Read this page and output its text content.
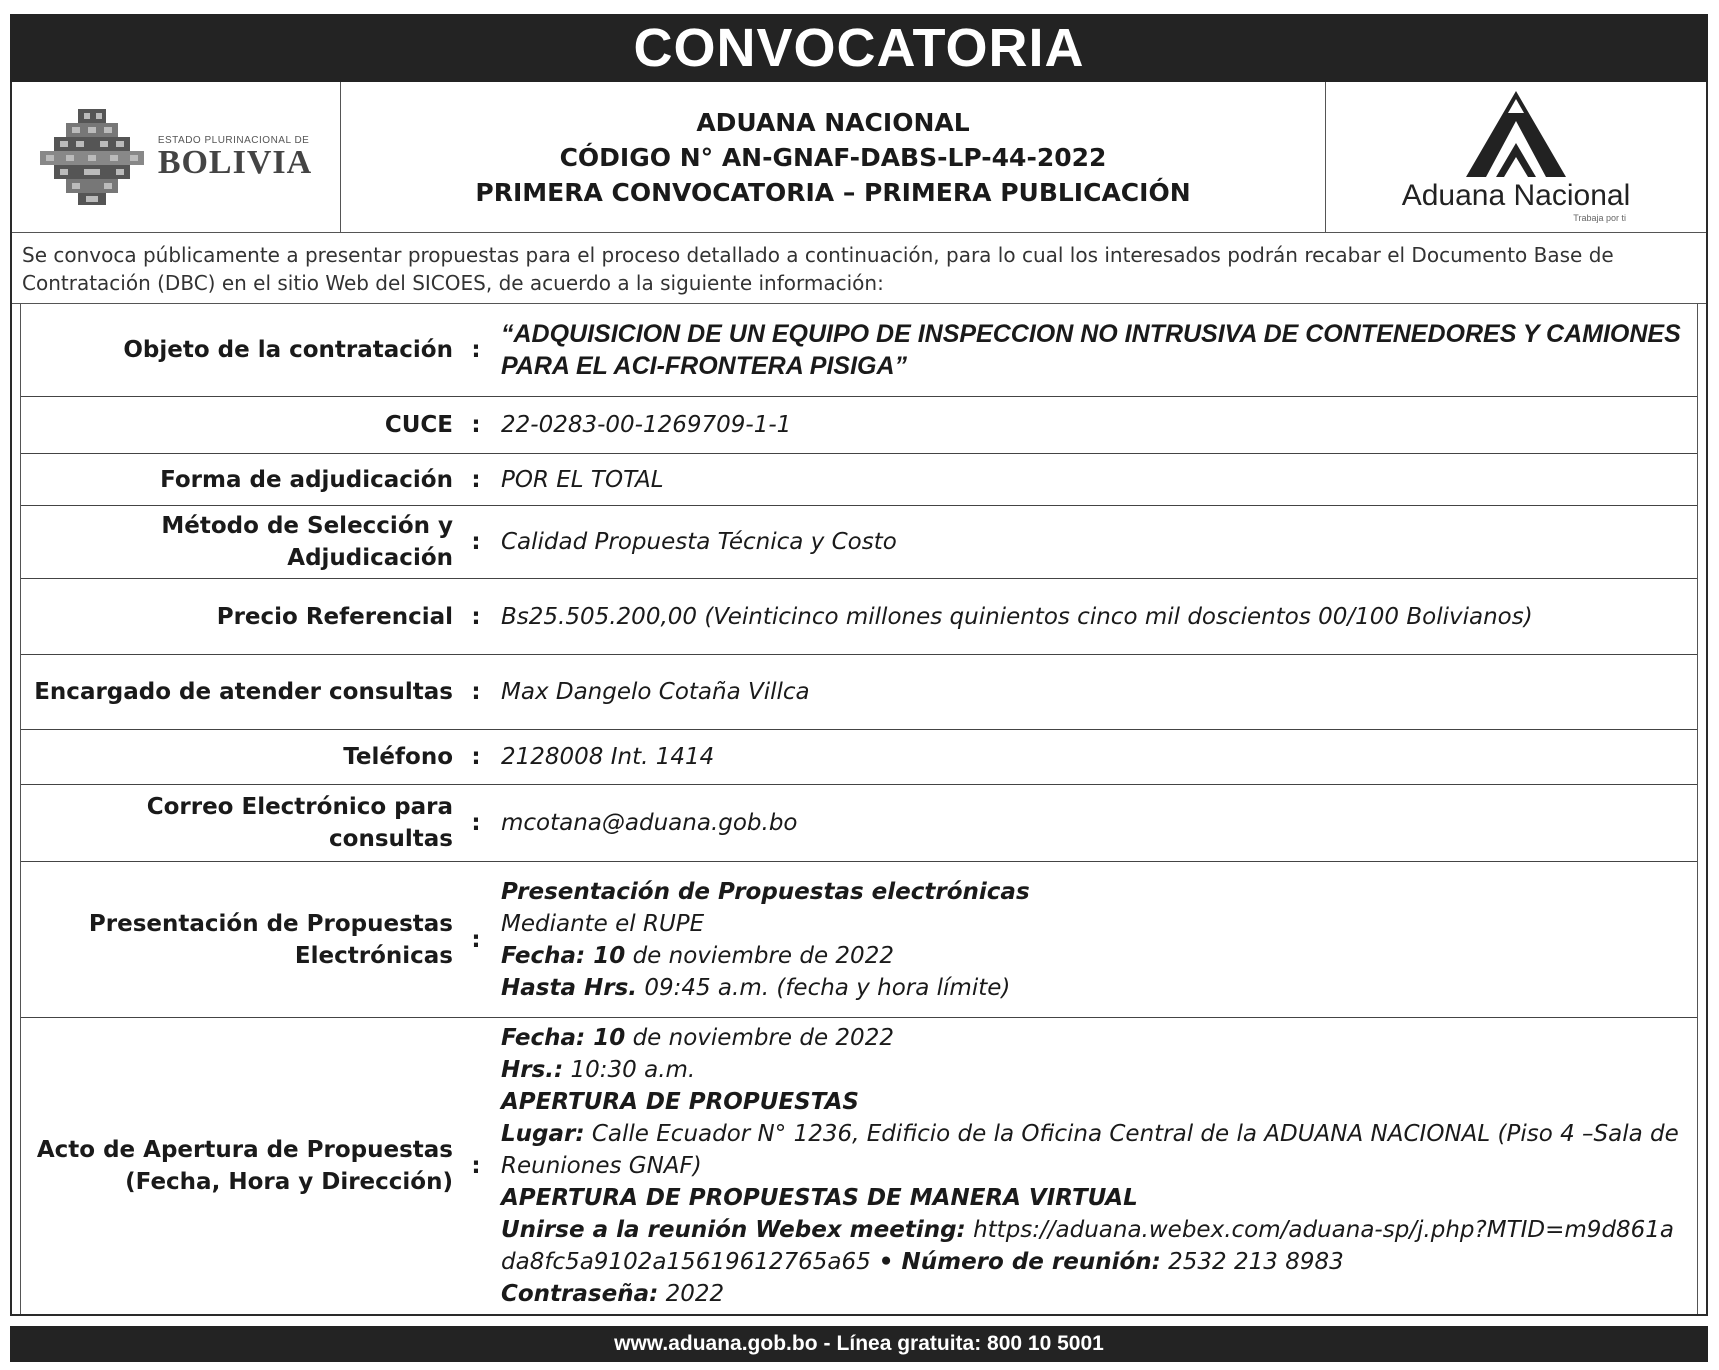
CONVOCATORIA
ESTADO PLURINACIONAL DE
BOLIVIA
ADUANA NACIONAL
CÓDIGO N° AN-GNAF-DABS-LP-44-2022
PRIMERA CONVOCATORIA – PRIMERA PUBLICACIÓN	Aduana Nacional
Trabaja por ti
Se convoca públicamente a presentar propuestas para el proceso detallado a continuación, para lo cual los interesados podrán recabar el Documento Base de Contratación (DBC) en el sitio Web del SICOES, de acuerdo a la siguiente información:
Objeto de la contratación :
“ADQUISICION DE UN EQUIPO DE INSPECCION NO INTRUSIVA DE CONTENEDORES Y CAMIONES PARA EL ACI-FRONTERA PISIGA”
CUCE : 22-0283-00-1269709-1-1
Forma de adjudicación : POR EL TOTAL
Método de Selección y Adjudicación
: Calidad Propuesta Técnica y Costo
Precio Referencial : Bs25.505.200,00 (Veinticinco millones quinientos cinco mil doscientos 00/100 Bolivianos)
Encargado de atender consultas : Max Dangelo Cotaña Villca
Teléfono : 2128008 Int. 1414
Correo Electrónico para consultas
: mcotana@aduana.gob.bo
Presentación de Propuestas Electrónicas
:
Presentación de Propuestas electrónicas
Mediante el RUPE
Fecha: 10 de noviembre de 2022
Hasta Hrs. 09:45 a.m. (fecha y hora límite)
Acto de Apertura de Propuestas (Fecha, Hora y Dirección)
:
Fecha: 10 de noviembre de 2022
Hrs.: 10:30 a.m.
APERTURA DE PROPUESTAS
Lugar: Calle Ecuador N° 1236, Edificio de la Oficina Central de la ADUANA NACIONAL (Piso 4 –Sala de Reuniones GNAF)
APERTURA DE PROPUESTAS DE MANERA VIRTUAL
Unirse a la reunión Webex meeting: https://aduana.webex.com/aduana-sp/j.php?MTID=m9d861ada8fc5a9102a15619612765a65 • Número de reunión: 2532 213 8983
Contraseña: 2022
www.aduana.gob.bo - Línea gratuita: 800 10 5001
